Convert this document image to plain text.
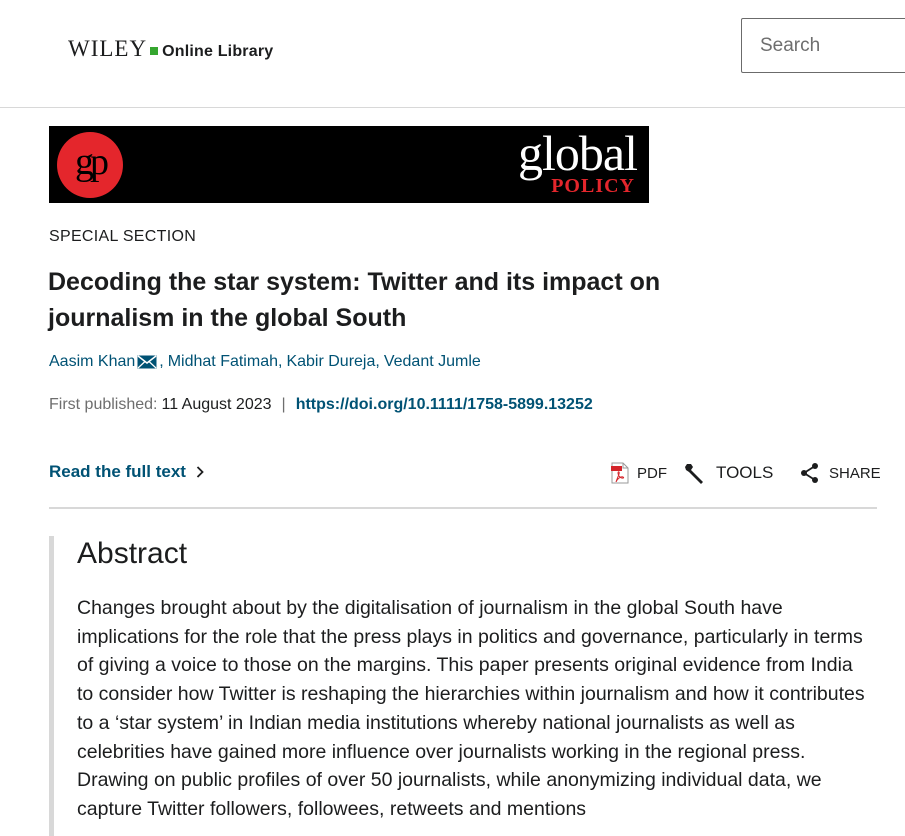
WILEY Online Library
Search
gp	global
POLICY
SPECIAL SECTION
Decoding the star system: Twitter and its impact on journalism in the global South
Aasim Khan , Midhat Fatimah , Kabir Dureja , Vedant Jumle
First published: 11 August 2023 | https://doi.org/10.1111/1758-5899.13252
Read the full text	PDF	TOOLS	SHARE
Abstract

Changes brought about by the digitalisation of journalism in the global South have implications for the role that the press plays in politics and governance, particularly in terms of giving a voice to those on the margins. This paper presents original evidence from India to consider how Twitter is reshaping the hierarchies within journalism and how it contributes to a ‘star system’ in Indian media institutions whereby national journalists as well as celebrities have gained more influence over journalists working in the regional press. Drawing on public profiles of over 50 journalists, while anonymizing individual data, we capture Twitter followers, followees, retweets and mentions
